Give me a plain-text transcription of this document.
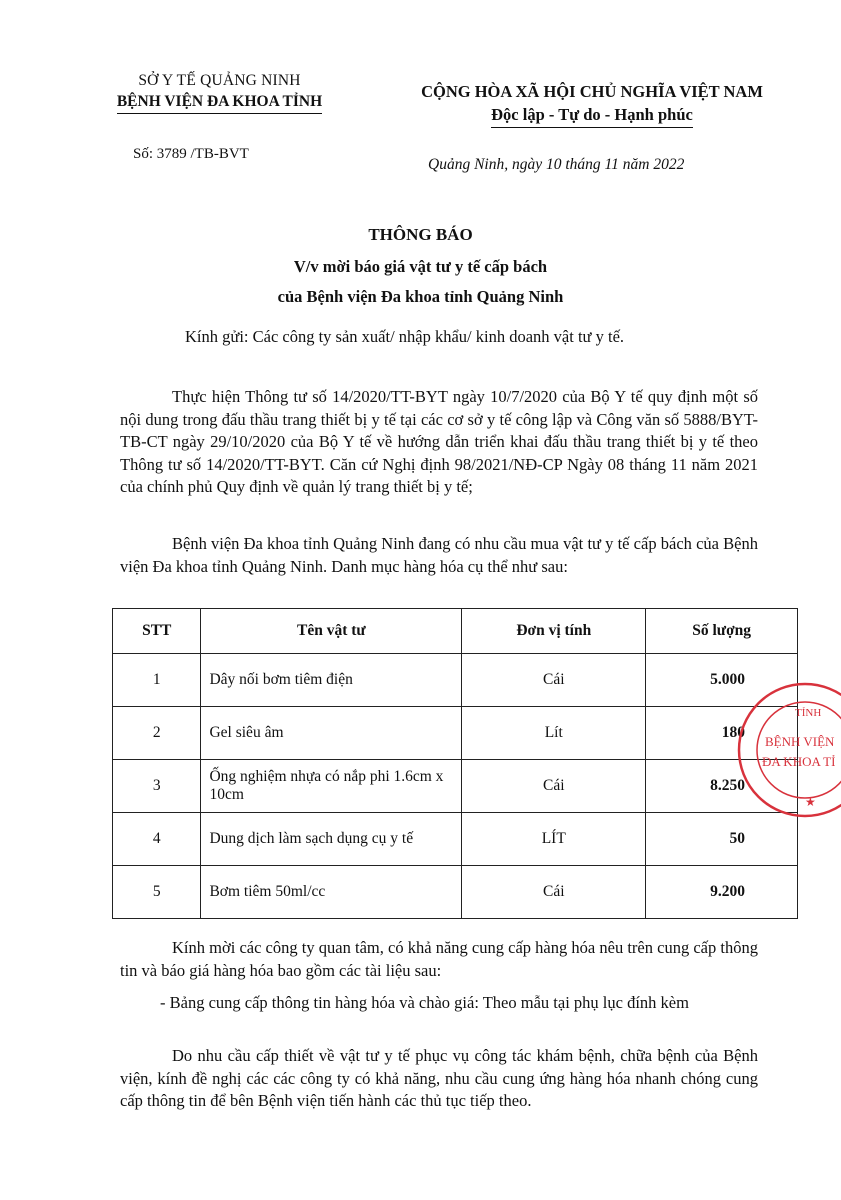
SỞ Y TẾ QUẢNG NINH
BỆNH VIỆN ĐA KHOA TỈNH
CỘNG HÒA XÃ HỘI CHỦ NGHĨA VIỆT NAM
Độc lập - Tự do - Hạnh phúc
Số: 3789 /TB-BVT
Quảng Ninh, ngày 10 tháng 11 năm 2022
THÔNG BÁO
V/v mời báo giá vật tư y tế cấp bách
của Bệnh viện Đa khoa tỉnh Quảng Ninh
Kính gửi: Các công ty sản xuất/ nhập khẩu/ kinh doanh vật tư y tế.

Thực hiện Thông tư số 14/2020/TT-BYT ngày 10/7/2020 của Bộ Y tế quy định một số nội dung trong đấu thầu trang thiết bị y tế tại các cơ sở y tế công lập và Công văn số 5888/BYT-TB-CT ngày 29/10/2020 của Bộ Y tế về hướng dẫn triển khai đấu thầu trang thiết bị y tế theo Thông tư số 14/2020/TT-BYT. Căn cứ Nghị định 98/2021/NĐ-CP Ngày 08 tháng 11 năm 2021 của chính phủ Quy định về quản lý trang thiết bị y tế;

Bệnh viện Đa khoa tỉnh Quảng Ninh đang có nhu cầu mua vật tư y tế cấp bách của Bệnh viện Đa khoa tỉnh Quảng Ninh. Danh mục hàng hóa cụ thể như sau:

STT	Tên vật tư	Đơn vị tính	Số lượng
1	Dây nối bơm tiêm điện	Cái	5.000
2	Gel siêu âm	Lít	180
3	Ống nghiệm nhựa có nắp phi 1.6cm x 10cm	Cái	8.250
4	Dung dịch làm sạch dụng cụ y tế	LÍT	50
5	Bơm tiêm 50ml/cc	Cái	9.200

Kính mời các công ty quan tâm, có khả năng cung cấp hàng hóa nêu trên cung cấp thông tin và báo giá hàng hóa bao gồm các tài liệu sau:

- Bảng cung cấp thông tin hàng hóa và chào giá: Theo mẫu tại phụ lục đính kèm

Do nhu cầu cấp thiết về vật tư y tế phục vụ công tác khám bệnh, chữa bệnh của Bệnh viện, kính đề nghị các các công ty có khả năng, nhu cầu cung ứng hàng hóa nhanh chóng cung cấp thông tin để bên Bệnh viện tiến hành các thủ tục tiếp theo.

TỈNH
BỆNH VIỆN
ĐA KHOA TỈ
★
